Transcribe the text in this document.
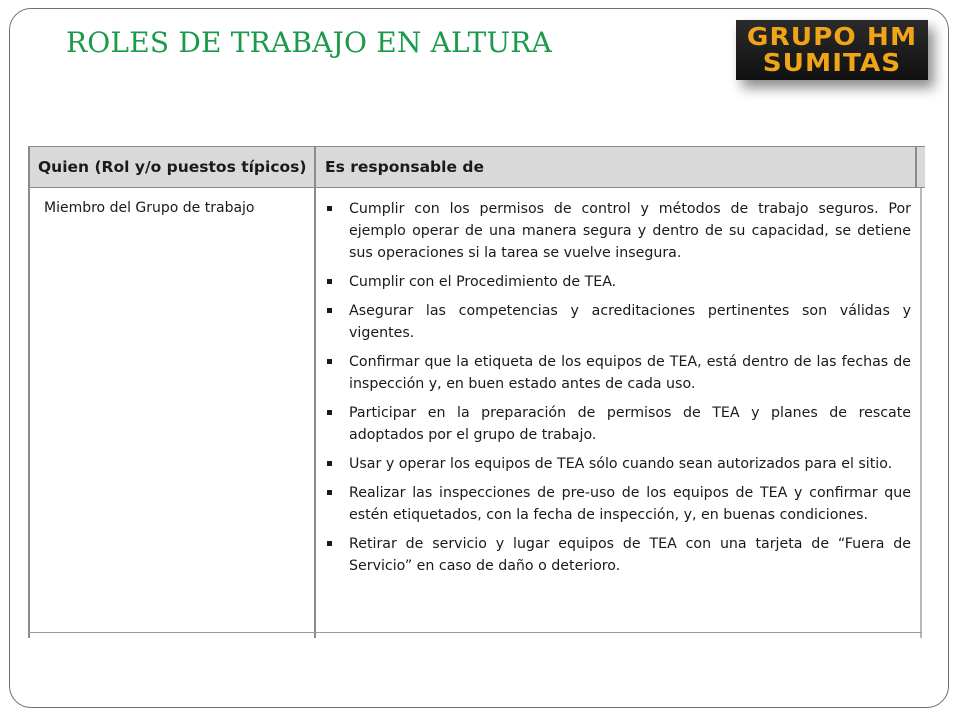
ROLES DE TRABAJO EN ALTURA	GRUPO HM
SUMITAS
Quien (Rol y/o puestos típicos)	Es responsable de
Miembro del Grupo de trabajo	Cumplir con los permisos de control y métodos de trabajo seguros. Por ejemplo operar de una manera segura y dentro de su capacidad, se detiene sus operaciones si la tarea se vuelve insegura.
Cumplir con el Procedimiento de TEA.
Asegurar las competencias y acreditaciones pertinentes son válidas y vigentes.
Confirmar que la etiqueta de los equipos de TEA, está dentro de las fechas de inspección y, en buen estado antes de cada uso.
Participar en la preparación de permisos de TEA y planes de rescate adoptados por el grupo de trabajo.
Usar y operar los equipos de TEA sólo cuando sean autorizados para el sitio.
Realizar las inspecciones de pre-uso de los equipos de TEA y confirmar que estén etiquetados, con la fecha de inspección, y, en buenas condiciones.
Retirar de servicio y lugar equipos de TEA con una tarjeta de “Fuera de Servicio” en caso de daño o deterioro.
